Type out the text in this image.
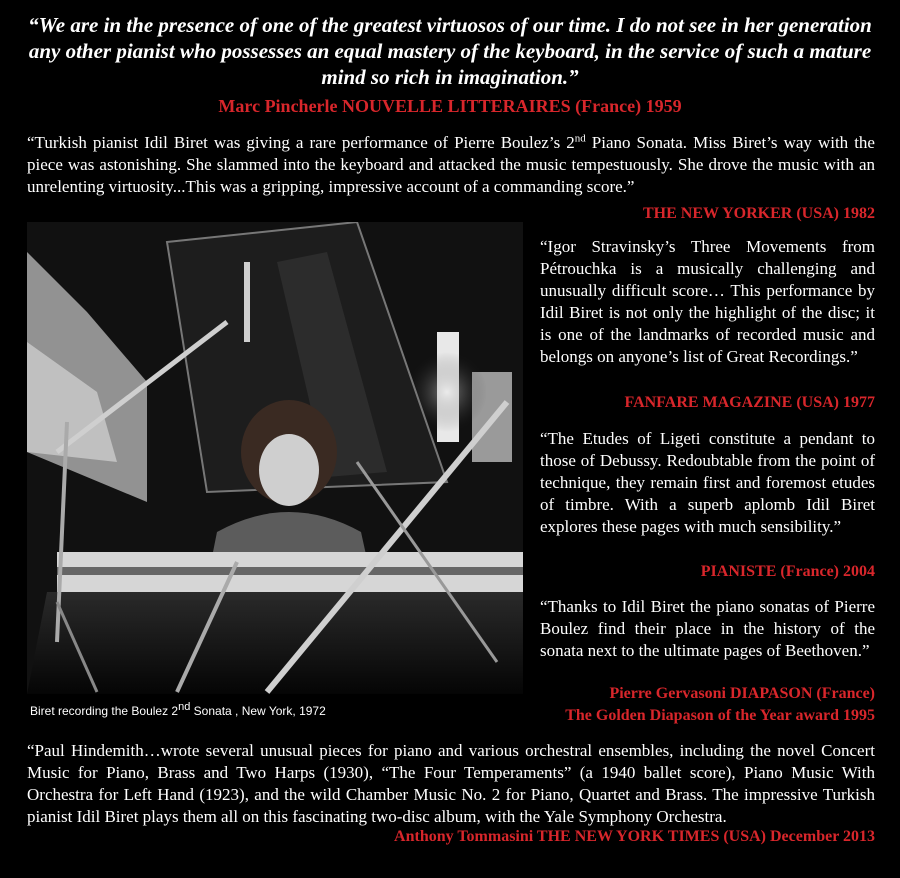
“We are in the presence of one of the greatest virtuosos of our time. I do not see in her generation any other pianist who possesses an equal mastery of the keyboard, in the service of such a mature mind so rich in imagination.”
Marc Pincherle NOUVELLE LITTERAIRES (France) 1959
“Turkish pianist Idil Biret was giving a rare performance of Pierre Boulez’s 2nd Piano Sonata. Miss Biret’s way with the piece was astonishing. She slammed into the keyboard and attacked the music tempestuously. She drove the music with an unrelenting virtuosity...This was a gripping, impressive account of a commanding score.”
THE NEW YORKER (USA) 1982
Biret recording the Boulez 2nd Sonata , New York, 1972
“Igor Stravinsky’s Three Movements from Pétrouchka is a musically challenging and unusually difficult score… This performance by Idil Biret is not only the highlight of the disc; it is one of the landmarks of recorded music and belongs on anyone’s list of Great Recordings.”
FANFARE MAGAZINE (USA) 1977
“The Etudes of Ligeti constitute a pendant to those of Debussy. Redoubtable from the point of technique, they remain first and foremost etudes of timbre. With a superb aplomb Idil Biret explores these pages with much sensibility.”
PIANISTE (France) 2004
“Thanks to Idil Biret the piano sonatas of Pierre Boulez find their place in the history of the sonata next to the ultimate pages of Beethoven.”
Pierre Gervasoni DIAPASON (France)
The Golden Diapason of the Year award 1995
“Paul Hindemith…wrote several unusual pieces for piano and various orchestral ensembles, including the novel Concert Music for Piano, Brass and Two Harps (1930), “The Four Temperaments” (a 1940 ballet score), Piano Music With Orchestra for Left Hand (1923), and the wild Chamber Music No. 2 for Piano, Quartet and Brass. The impressive Turkish pianist Idil Biret plays them all on this fascinating two-disc album, with the Yale Symphony Orchestra.
Anthony Tommasini THE NEW YORK TIMES (USA) December 2013
